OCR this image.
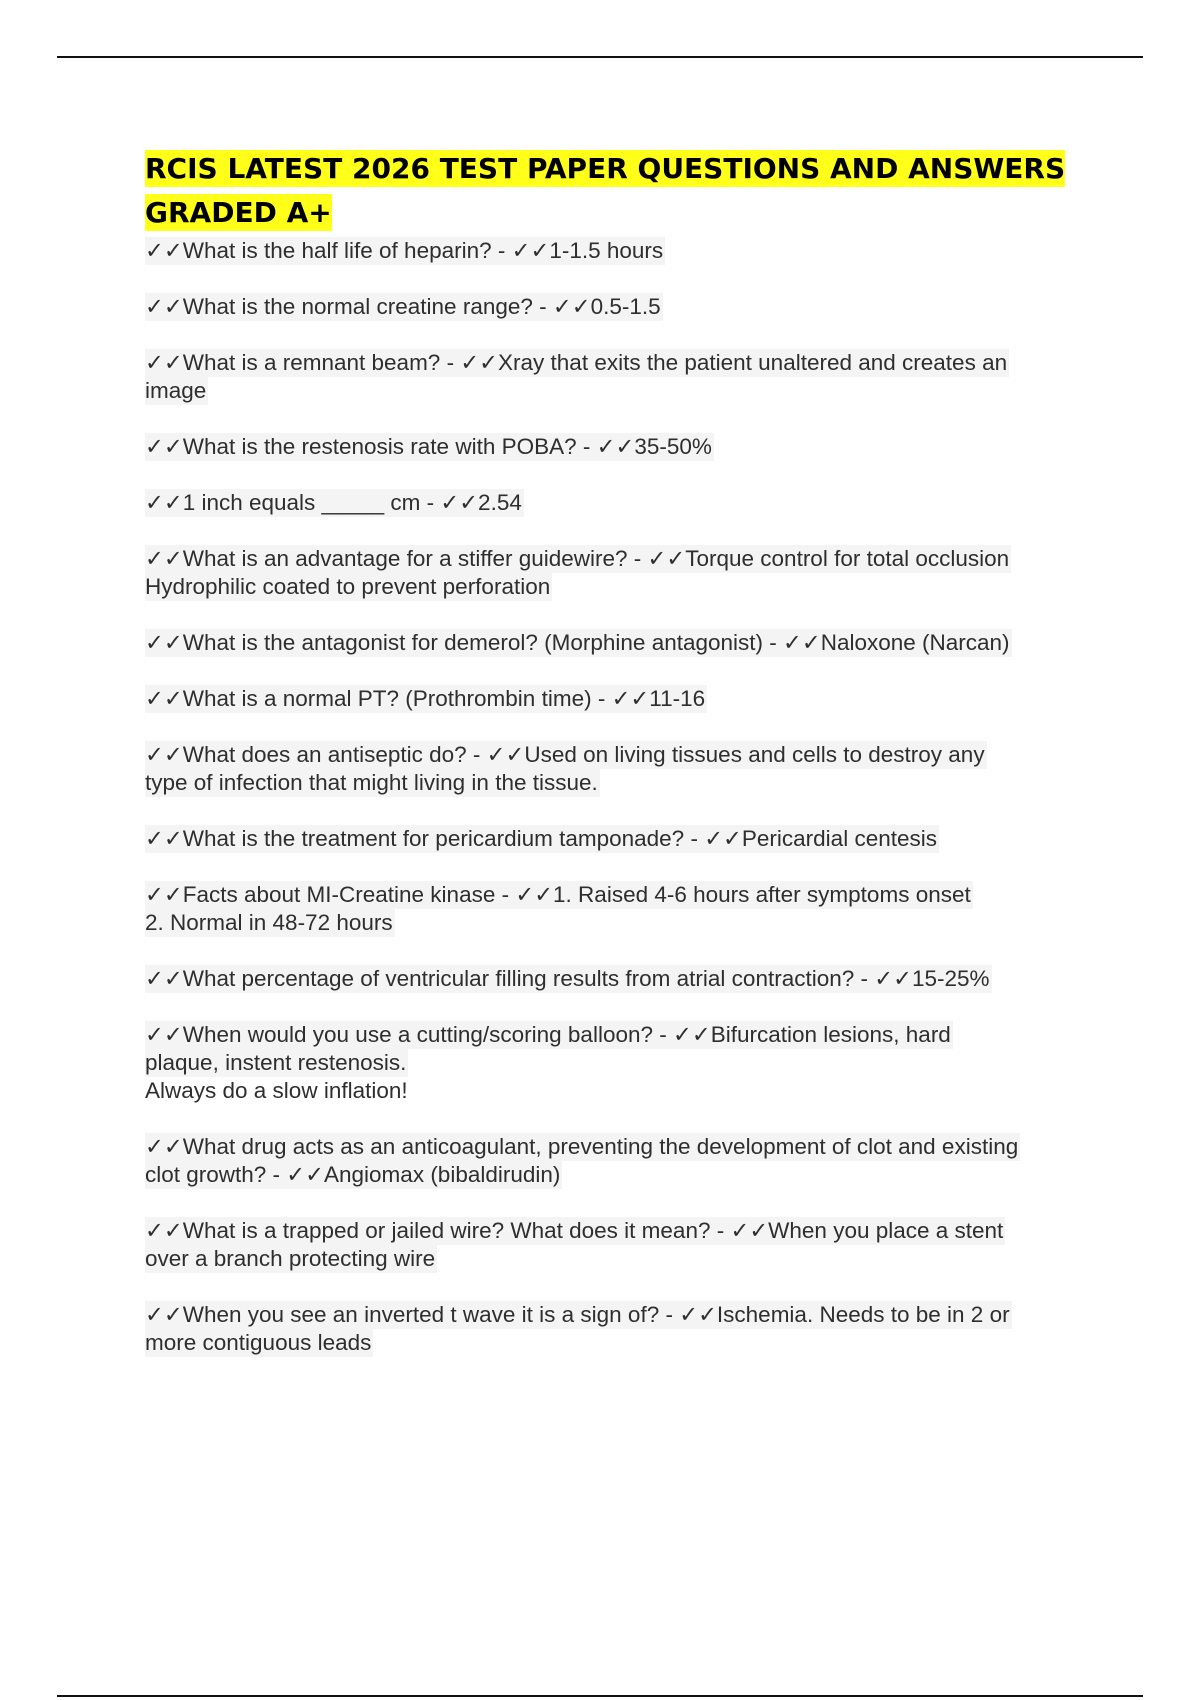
RCIS LATEST 2026 TEST PAPER QUESTIONS AND ANSWERS
GRADED A+
✓✓What is the half life of heparin? - ✓✓1-1.5 hours
✓✓What is the normal creatine range? - ✓✓0.5-1.5
✓✓What is a remnant beam? - ✓✓Xray that exits the patient unaltered and creates an
image
✓✓What is the restenosis rate with POBA? - ✓✓35-50%
✓✓1 inch equals _____ cm - ✓✓2.54
✓✓What is an advantage for a stiffer guidewire? - ✓✓Torque control for total occlusion
Hydrophilic coated to prevent perforation
✓✓What is the antagonist for demerol? (Morphine antagonist) - ✓✓Naloxone (Narcan)
✓✓What is a normal PT? (Prothrombin time) - ✓✓11-16
✓✓What does an antiseptic do? - ✓✓Used on living tissues and cells to destroy any
type of infection that might living in the tissue.
✓✓What is the treatment for pericardium tamponade? - ✓✓Pericardial centesis
✓✓Facts about MI-Creatine kinase - ✓✓1. Raised 4-6 hours after symptoms onset
2. Normal in 48-72 hours
✓✓What percentage of ventricular filling results from atrial contraction? - ✓✓15-25%
✓✓When would you use a cutting/scoring balloon? - ✓✓Bifurcation lesions, hard
plaque, instent restenosis.
Always do a slow inflation!
✓✓What drug acts as an anticoagulant, preventing the development of clot and existing
clot growth? - ✓✓Angiomax (bibaldirudin)
✓✓What is a trapped or jailed wire? What does it mean? - ✓✓When you place a stent
over a branch protecting wire
✓✓When you see an inverted t wave it is a sign of? - ✓✓Ischemia. Needs to be in 2 or
more contiguous leads
